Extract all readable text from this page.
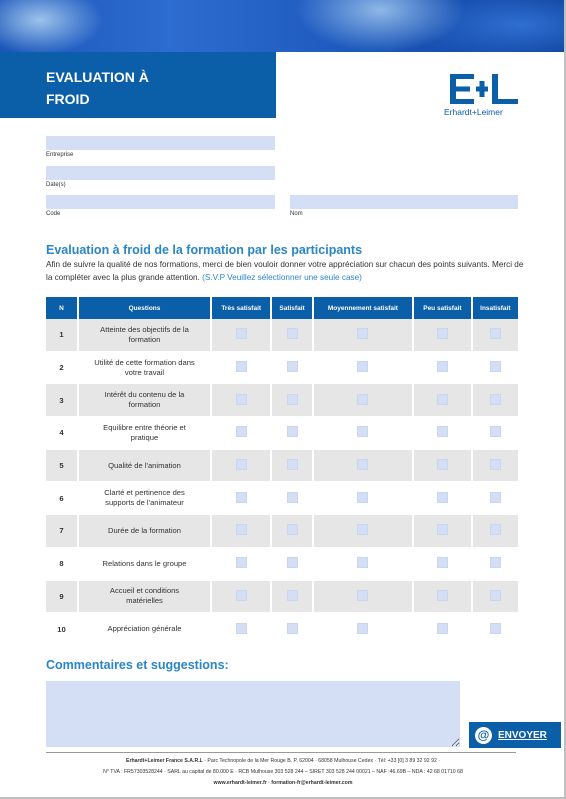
EVALUATION À
FROID
Erhardt+Leimer
Entreprise
Date(s)
Code	Nom
Evaluation à froid de la formation par les participants
Afin de suivre la qualité de nos formations, merci de bien vouloir donner votre appréciation sur chacun des points suivants. Merci de la compléter avec la plus grande attention. (S.V.P Veuillez sélectionner une seule case)
N	Questions	Très satisfait	Satisfait	Moyennement satisfait	Peu satisfait	Insatisfait
1	Atteinte des objectifs de la formation					
2	Utilité de cette formation dans votre travail					
3	Intérêt du contenu de la formation					
4	Equilibre entre théorie et pratique					
5	Qualité de l'animation					
6	Clarté et pertinence des supports de l'animateur					
7	Durée de la formation					
8	Relations dans le groupe					
9	Accueil et conditions matérielles					
10	Appréciation générale					
Commentaires et suggestions:
@ ENVOYER
Erhardt+Leimer France S.A.R.L · Parc Technopole de la Mer Rouge B. P. 62004 · 68058 Mulhouse Cedex · Tél: +33 [0] 3 89 32 92 92 ·
N° TVA : FR57303528244 · SARL au capital de 80.000 E · RCB Mulhouse 303 528 244 – SIRET 303 528 244 00021 – NAF :46.69B – NDA : 42 68 01710 68
www.erhardt-leimer.fr · formation-fr@erhardt-leimer.com
